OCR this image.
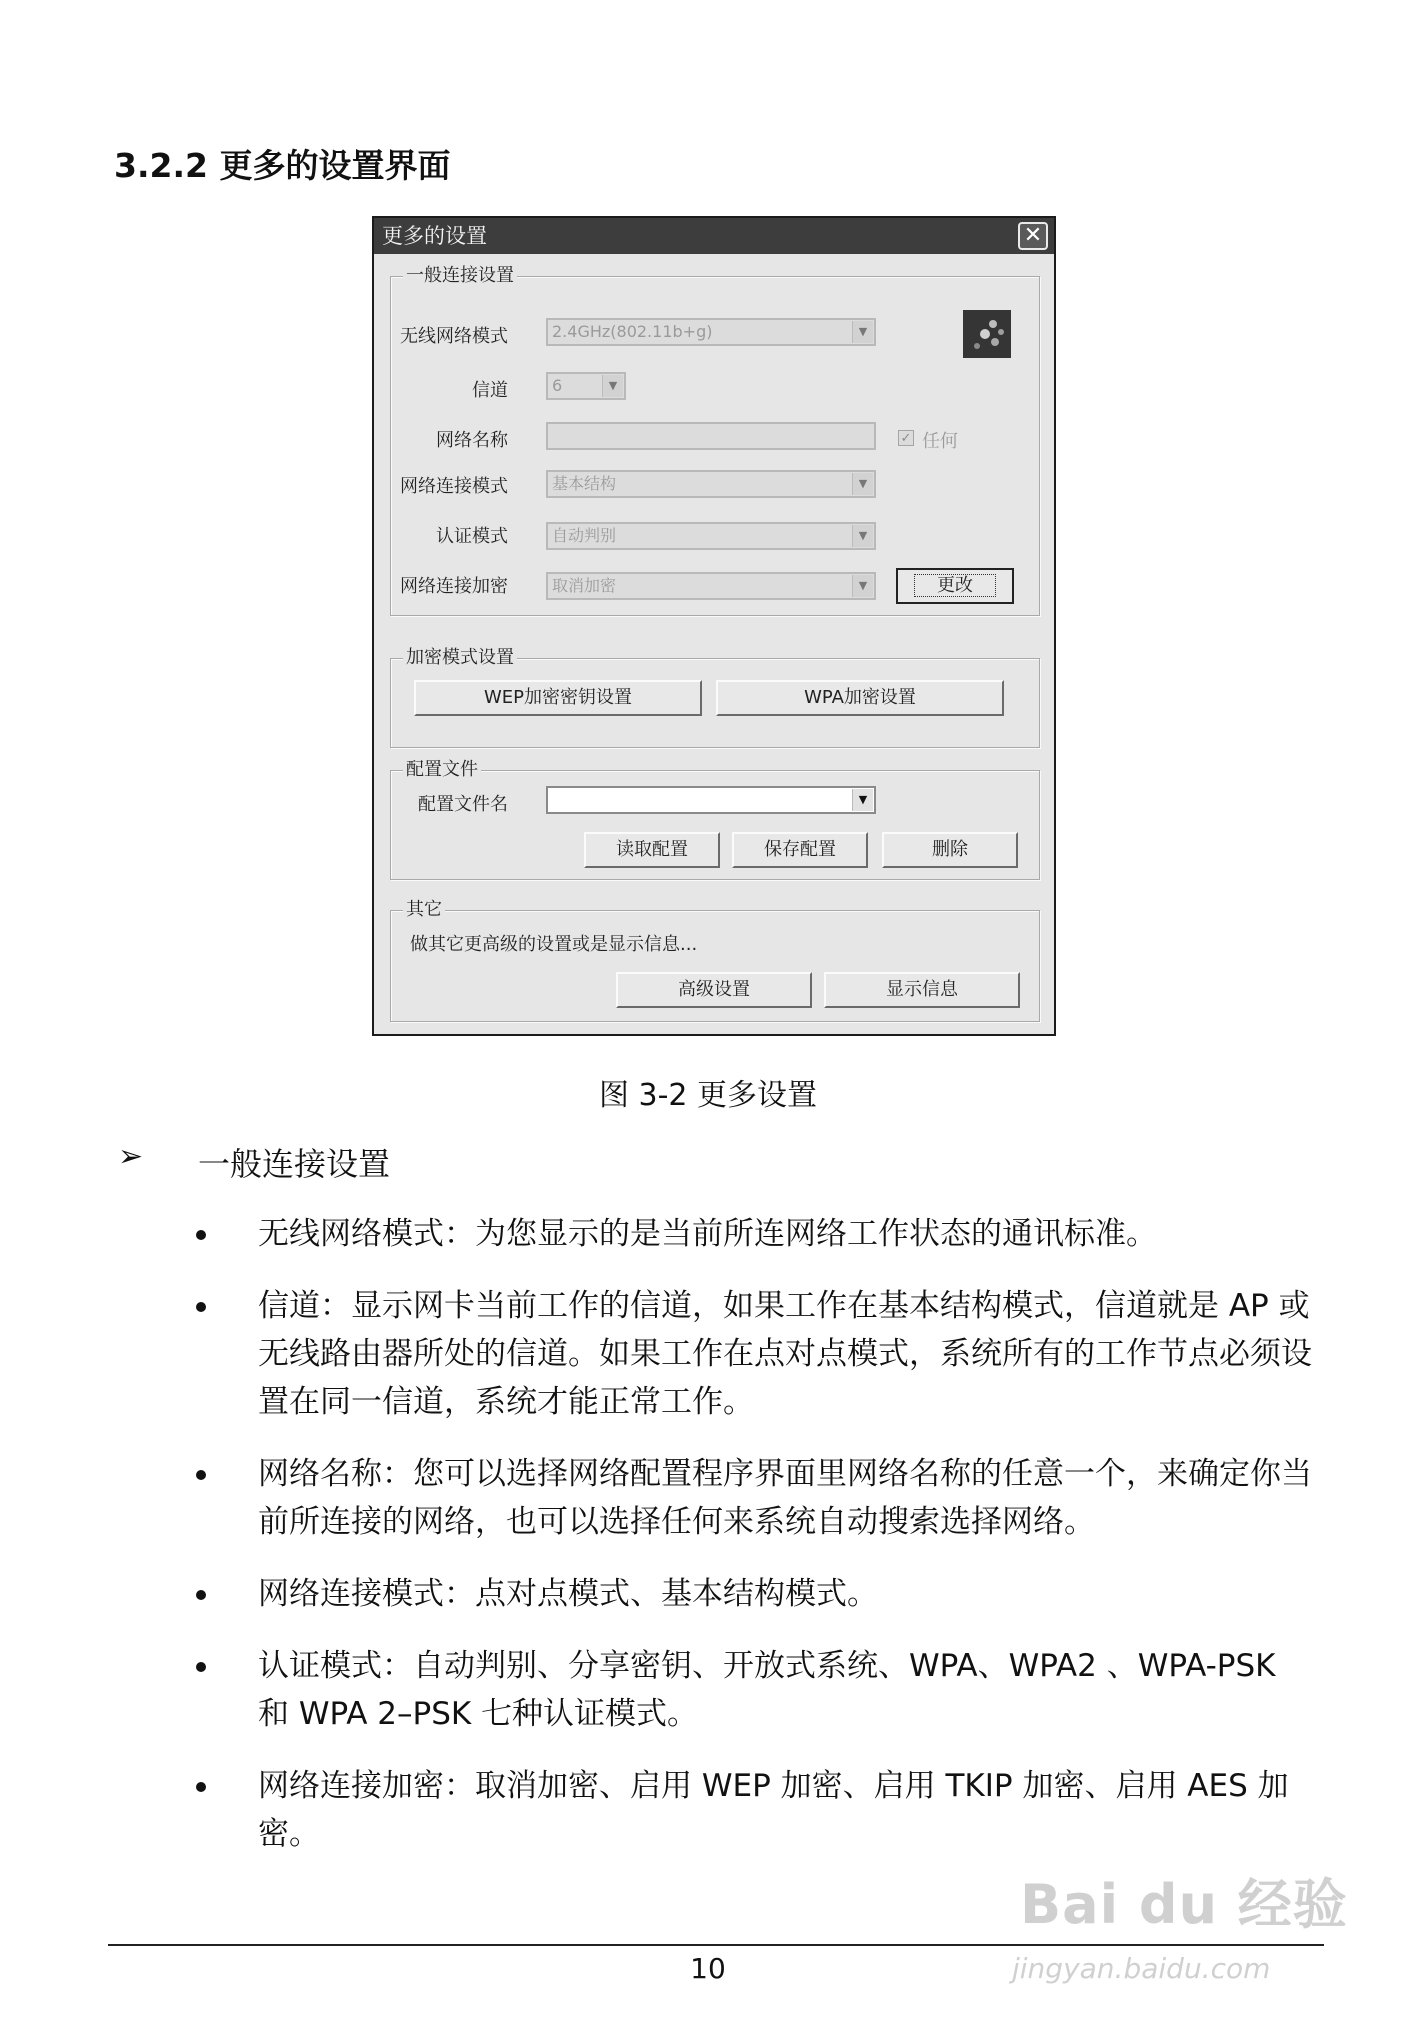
3.2.2 更多的设置界面
更多的设置	✕
一般连接设置
无线网络模式	2.4GHz(802.11b+g)	▼
信道	6	▼
网络名称	✓ 任何
网络连接模式	基本结构	▼
认证模式	自动判别	▼
网络连接加密	取消加密	▼	更改
加密模式设置
WEP加密密钥设置	WPA加密设置
配置文件
配置文件名	▼
读取配置	保存配置	删除
其它
做其它更高级的设置或是显示信息...
高级设置	显示信息
图 3-2 更多设置
➢ 一般连接设置
无线网络模式：为您显示的是当前所连网络工作状态的通讯标准。
信道：显示网卡当前工作的信道，如果工作在基本结构模式，信道就是 AP 或无线路由器所处的信道。如果工作在点对点模式，系统所有的工作节点必须设置在同一信道，系统才能正常工作。
网络名称：您可以选择网络配置程序界面里网络名称的任意一个，来确定你当前所连接的网络，也可以选择任何来系统自动搜索选择网络。
网络连接模式：点对点模式、基本结构模式。
认证模式：自动判别、分享密钥、开放式系统、WPA、WPA2 、WPA-PSK 和 WPA 2–PSK 七种认证模式。
网络连接加密：取消加密、启用 WEP 加密、启用 TKIP 加密、启用 AES 加密。
Bai du 经验
10	jingyan.baidu.com
